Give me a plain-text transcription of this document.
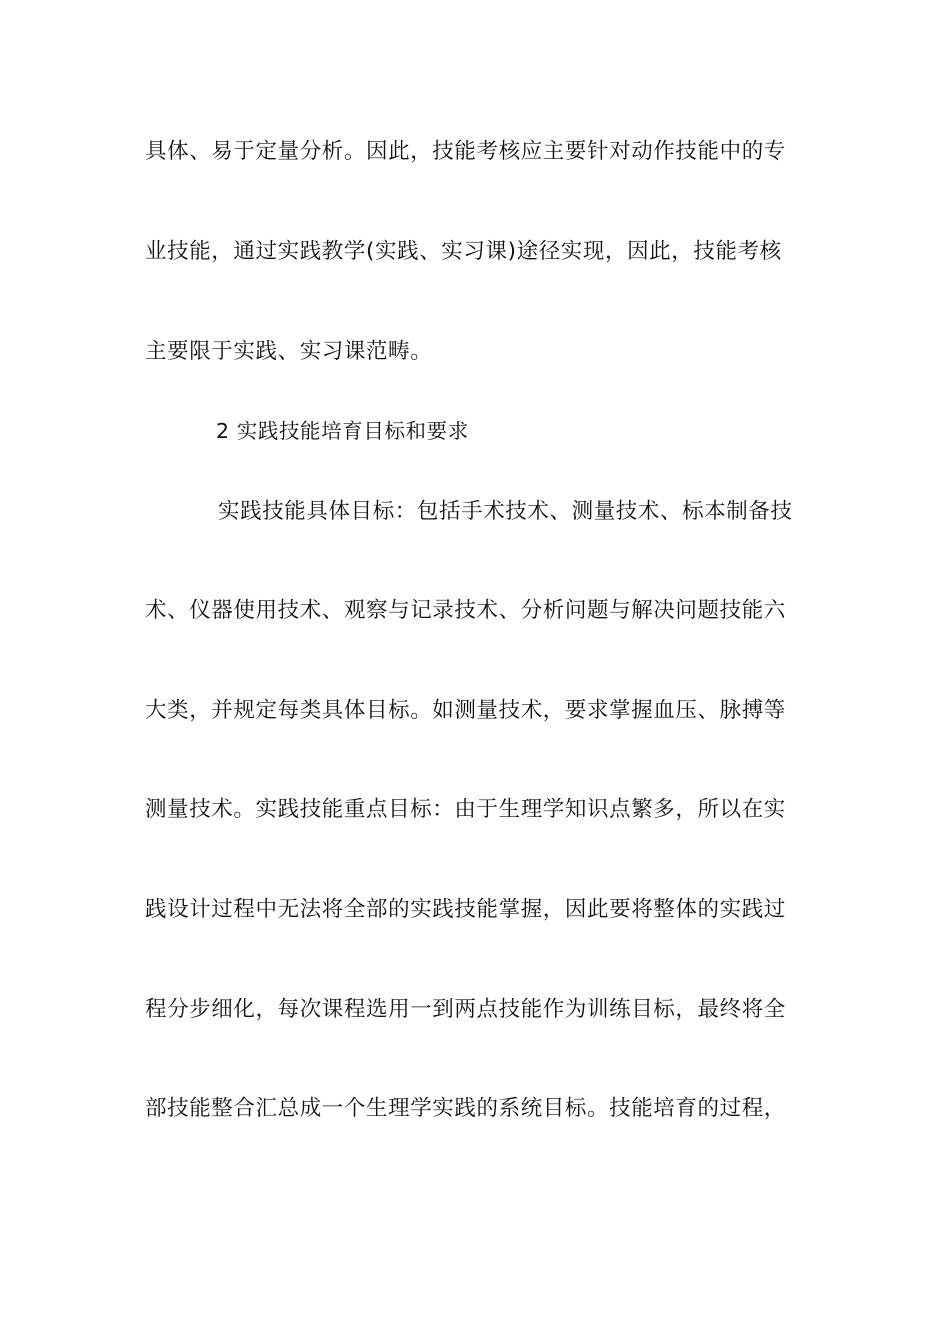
具体、易于定量分析。因此，技能考核应主要针对动作技能中的专
业技能，通过实践教学(实践、实习课)途径实现，因此，技能考核
主要限于实践、实习课范畴。
2 实践技能培育目标和要求
实践技能具体目标：包括手术技术、测量技术、标本制备技
术、仪器使用技术、观察与记录技术、分析问题与解决问题技能六
大类，并规定每类具体目标。如测量技术，要求掌握血压、脉搏等
测量技术。实践技能重点目标：由于生理学知识点繁多，所以在实
践设计过程中无法将全部的实践技能掌握，因此要将整体的实践过
程分步细化，每次课程选用一到两点技能作为训练目标，最终将全
部技能整合汇总成一个生理学实践的系统目标。技能培育的过程，
